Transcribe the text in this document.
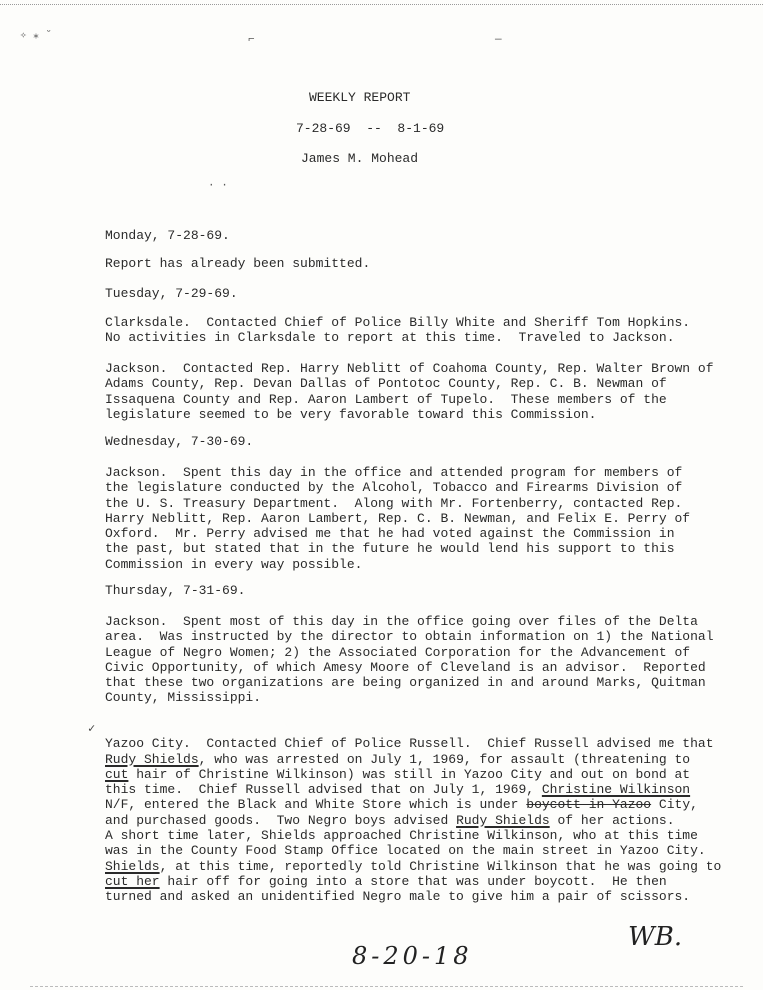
✧ ⁎ ˘	⌐	—
· ·
WEEKLY REPORT
7-28-69  --  8-1-69
James M. Mohead
Monday, 7-28-69.
Report has already been submitted.
Tuesday, 7-29-69.
Clarksdale.  Contacted Chief of Police Billy White and Sheriff Tom Hopkins.
No activities in Clarksdale to report at this time.  Traveled to Jackson.
Jackson.  Contacted Rep. Harry Neblitt of Coahoma County, Rep. Walter Brown of
Adams County, Rep. Devan Dallas of Pontotoc County, Rep. C. B. Newman of
Issaquena County and Rep. Aaron Lambert of Tupelo.  These members of the
legislature seemed to be very favorable toward this Commission.
Wednesday, 7-30-69.
Jackson.  Spent this day in the office and attended program for members of
the legislature conducted by the Alcohol, Tobacco and Firearms Division of
the U. S. Treasury Department.  Along with Mr. Fortenberry, contacted Rep.
Harry Neblitt, Rep. Aaron Lambert, Rep. C. B. Newman, and Felix E. Perry of
Oxford.  Mr. Perry advised me that he had voted against the Commission in
the past, but stated that in the future he would lend his support to this
Commission in every way possible.
Thursday, 7-31-69.
Jackson.  Spent most of this day in the office going over files of the Delta
area.  Was instructed by the director to obtain information on 1) the National
League of Negro Women; 2) the Associated Corporation for the Advancement of
Civic Opportunity, of which Amesy Moore of Cleveland is an advisor.  Reported
that these two organizations are being organized in and around Marks, Quitman
County, Mississippi.
✓

Yazoo City.  Contacted Chief of Police Russell.  Chief Russell advised me that
Rudy Shields, who was arrested on July 1, 1969, for assault (threatening to
cut hair of Christine Wilkinson) was still in Yazoo City and out on bond at
this time.  Chief Russell advised that on July 1, 1969, Christine Wilkinson
N/F, entered the Black and White Store which is under boycott in Yazoo City,
and purchased goods.  Two Negro boys advised Rudy Shields of her actions.
A short time later, Shields approached Christine Wilkinson, who at this time
was in the County Food Stamp Office located on the main street in Yazoo City.
Shields, at this time, reportedly told Christine Wilkinson that he was going to
cut her hair off for going into a store that was under boycott.  He then
turned and asked an unidentified Negro male to give him a pair of scissors.
WB.
8-20-18
